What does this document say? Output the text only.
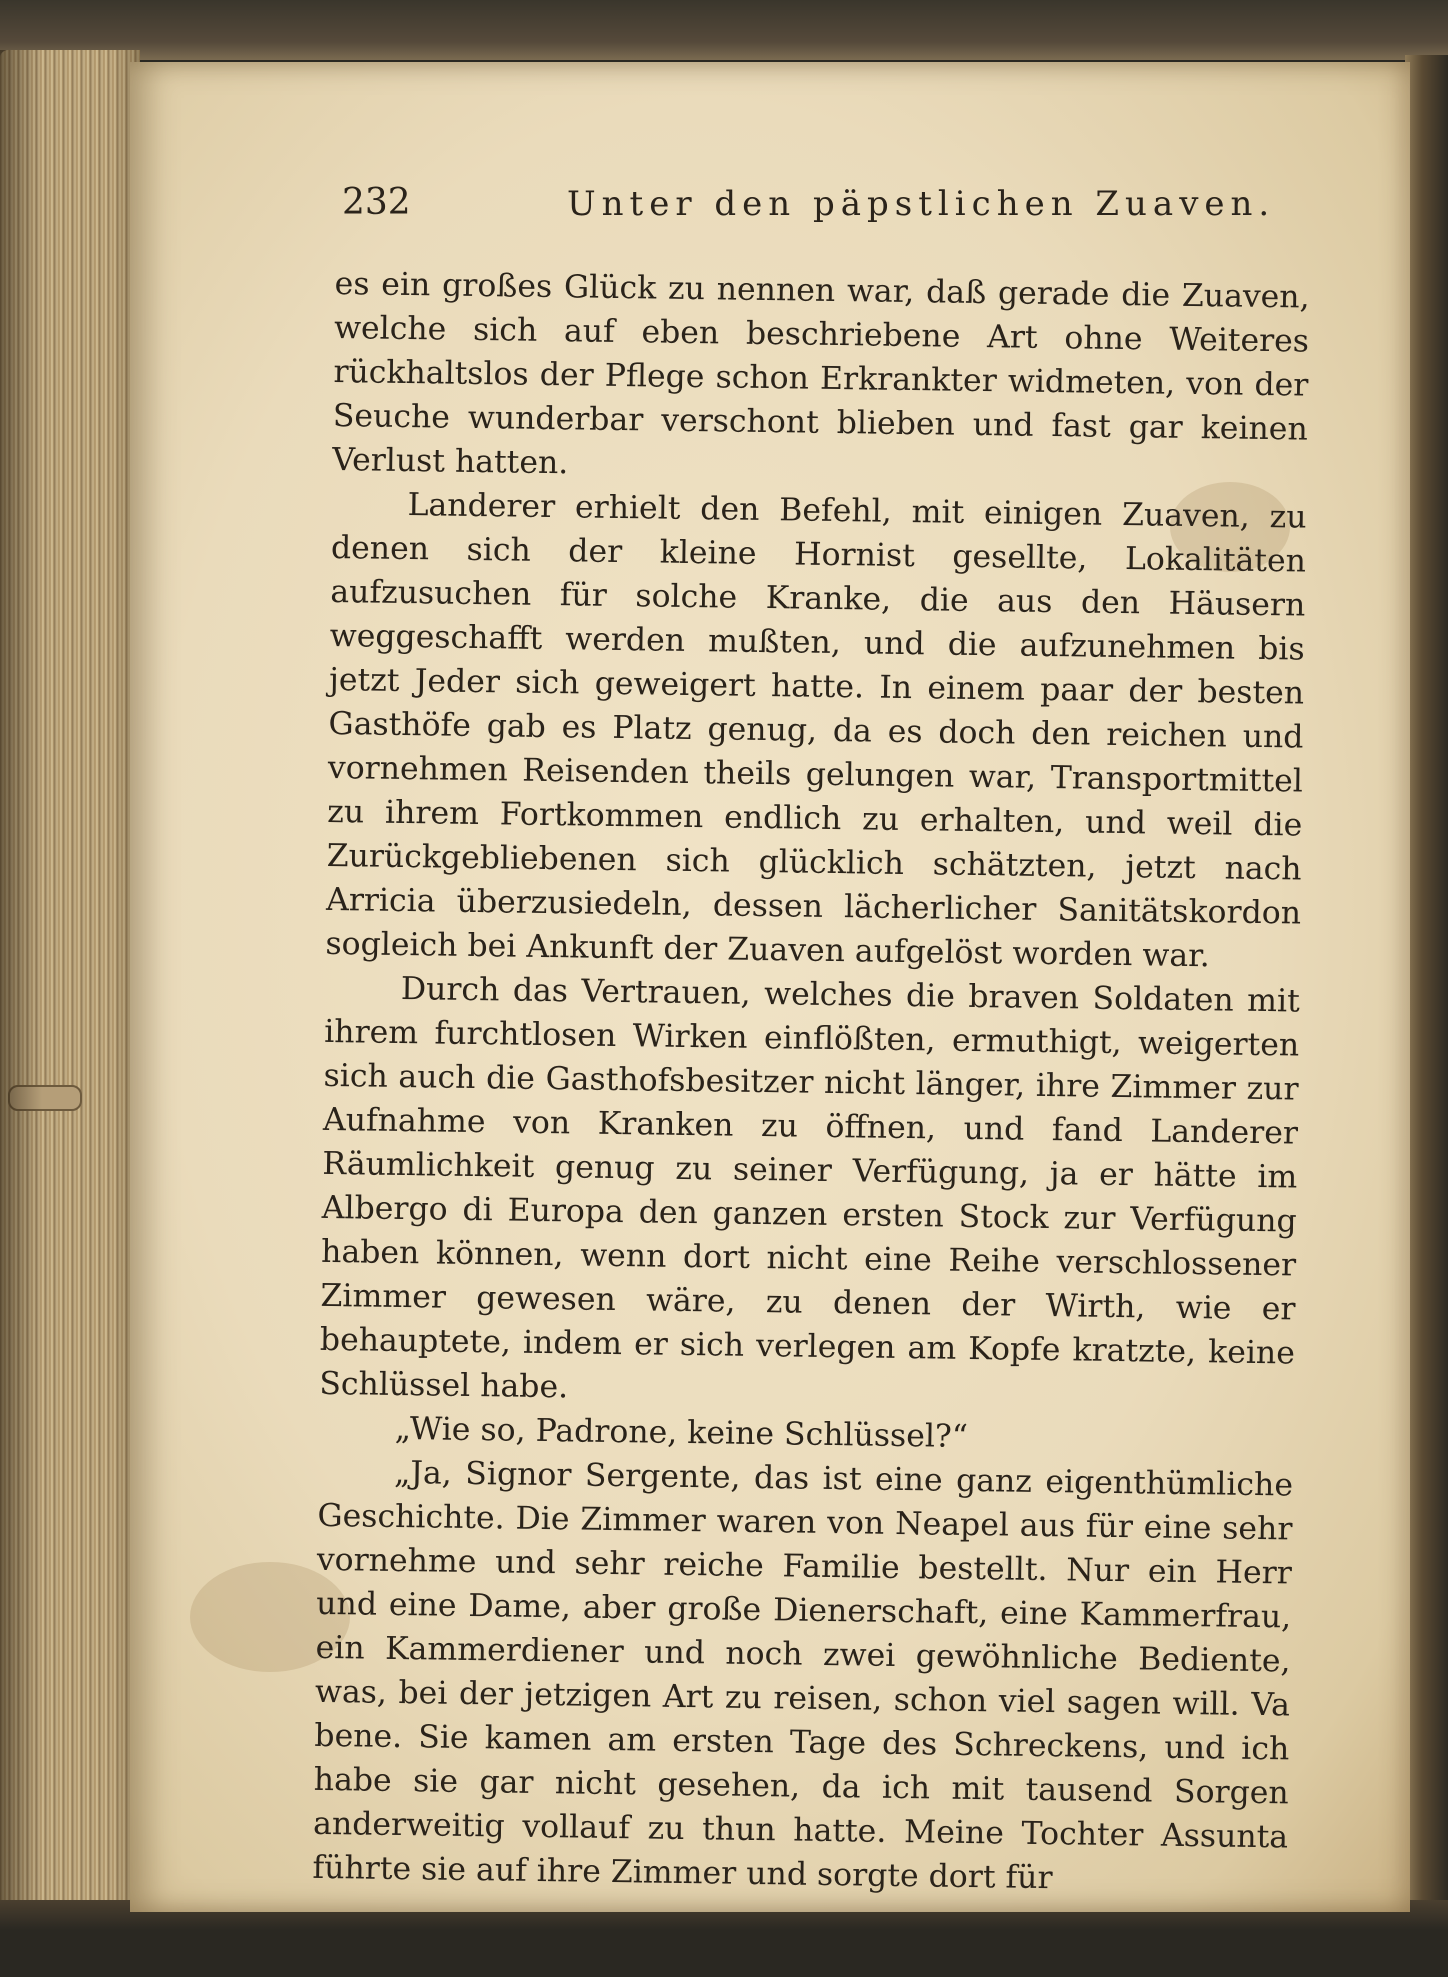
232	Unter den päpstlichen Zuaven.

es ein großes Glück zu nennen war, daß gerade die Zuaven, welche sich auf eben beschriebene Art ohne Weiteres rückhaltslos der Pflege schon Erkrankter widmeten, von der Seuche wunderbar verschont blieben und fast gar keinen Verlust hatten.

Landerer erhielt den Befehl, mit einigen Zuaven, zu denen sich der kleine Hornist gesellte, Lokalitäten aufzusuchen für solche Kranke, die aus den Häusern weggeschafft werden mußten, und die aufzunehmen bis jetzt Jeder sich geweigert hatte. In einem paar der besten Gasthöfe gab es Platz genug, da es doch den reichen und vornehmen Reisenden theils gelungen war, Transportmittel zu ihrem Fortkommen endlich zu erhalten, und weil die Zurückgebliebenen sich glücklich schätzten, jetzt nach Arricia überzusiedeln, dessen lächerlicher Sanitätskordon sogleich bei Ankunft der Zuaven aufgelöst worden war.

Durch das Vertrauen, welches die braven Soldaten mit ihrem furchtlosen Wirken einflößten, ermuthigt, weigerten sich auch die Gasthofsbesitzer nicht länger, ihre Zimmer zur Aufnahme von Kranken zu öffnen, und fand Landerer Räumlichkeit genug zu seiner Verfügung, ja er hätte im Albergo di Europa den ganzen ersten Stock zur Verfügung haben können, wenn dort nicht eine Reihe verschlossener Zimmer gewesen wäre, zu denen der Wirth, wie er behauptete, indem er sich verlegen am Kopfe kratzte, keine Schlüssel habe.

„Wie so, Padrone, keine Schlüssel?“

„Ja, Signor Sergente, das ist eine ganz eigenthümliche Geschichte. Die Zimmer waren von Neapel aus für eine sehr vornehme und sehr reiche Familie bestellt. Nur ein Herr und eine Dame, aber große Dienerschaft, eine Kammerfrau, ein Kammerdiener und noch zwei gewöhnliche Bediente, was, bei der jetzigen Art zu reisen, schon viel sagen will. Va bene. Sie kamen am ersten Tage des Schreckens, und ich habe sie gar nicht gesehen, da ich mit tausend Sorgen anderweitig vollauf zu thun hatte. Meine Tochter Assunta führte sie auf ihre Zimmer und sorgte dort für
